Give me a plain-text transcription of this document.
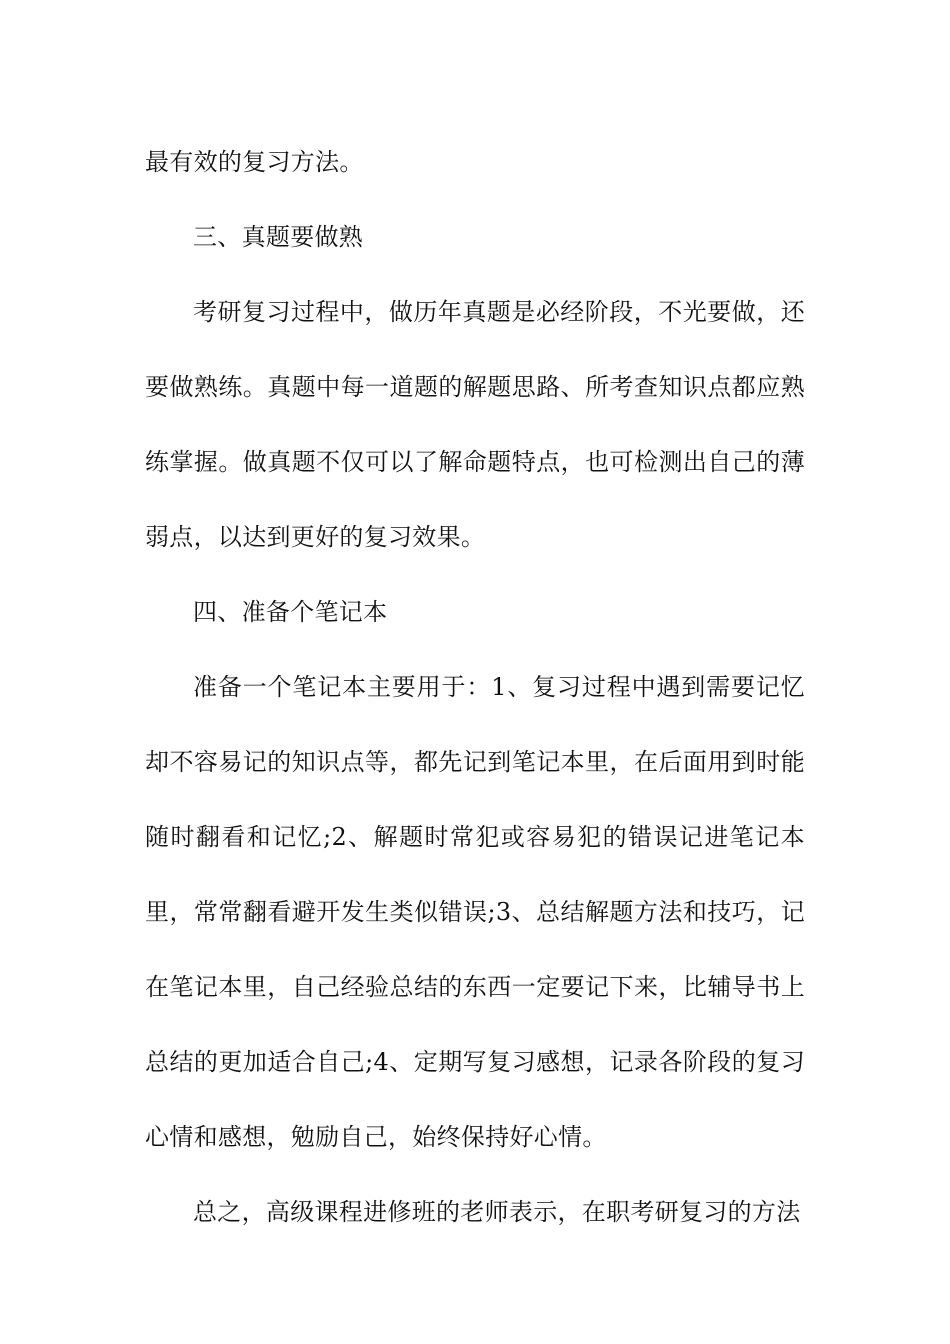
最有效的复习方法。

三、真题要做熟

考研复习过程中，做历年真题是必经阶段，不光要做，还要做熟练。真题中每一道题的解题思路、所考查知识点都应熟练掌握。做真题不仅可以了解命题特点，也可检测出自己的薄弱点，以达到更好的复习效果。

四、准备个笔记本

准备一个笔记本主要用于：1、复习过程中遇到需要记忆却不容易记的知识点等，都先记到笔记本里，在后面用到时能随时翻看和记忆;2、解题时常犯或容易犯的错误记进笔记本里，常常翻看避开发生类似错误;3、总结解题方法和技巧，记在笔记本里，自己经验总结的东西一定要记下来，比辅导书上总结的更加适合自己;4、定期写复习感想，记录各阶段的复习心情和感想，勉励自己，始终保持好心情。

总之，高级课程进修班的老师表示，在职考研复习的方法
